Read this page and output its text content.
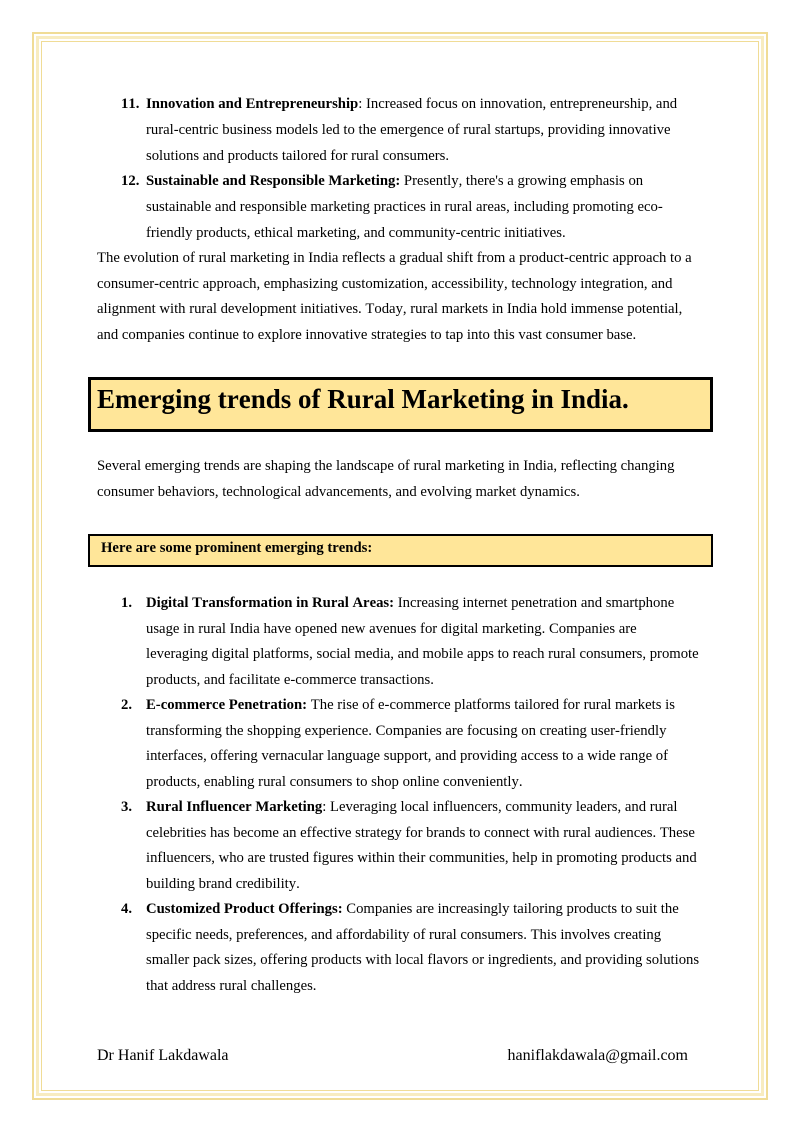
11. Innovation and Entrepreneurship: Increased focus on innovation, entrepreneurship, and
rural-centric business models led to the emergence of rural startups, providing innovative
solutions and products tailored for rural consumers.
12. Sustainable and Responsible Marketing: Presently, there's a growing emphasis on
sustainable and responsible marketing practices in rural areas, including promoting eco-
friendly products, ethical marketing, and community-centric initiatives.
The evolution of rural marketing in India reflects a gradual shift from a product-centric approach to a
consumer-centric approach, emphasizing customization, accessibility, technology integration, and
alignment with rural development initiatives. Today, rural markets in India hold immense potential,
and companies continue to explore innovative strategies to tap into this vast consumer base.
Emerging trends of Rural Marketing in India.
Several emerging trends are shaping the landscape of rural marketing in India, reflecting changing
consumer behaviors, technological advancements, and evolving market dynamics.
Here are some prominent emerging trends:
1. Digital Transformation in Rural Areas: Increasing internet penetration and smartphone
usage in rural India have opened new avenues for digital marketing. Companies are
leveraging digital platforms, social media, and mobile apps to reach rural consumers, promote
products, and facilitate e-commerce transactions.
2. E-commerce Penetration: The rise of e-commerce platforms tailored for rural markets is
transforming the shopping experience. Companies are focusing on creating user-friendly
interfaces, offering vernacular language support, and providing access to a wide range of
products, enabling rural consumers to shop online conveniently.
3. Rural Influencer Marketing: Leveraging local influencers, community leaders, and rural
celebrities has become an effective strategy for brands to connect with rural audiences. These
influencers, who are trusted figures within their communities, help in promoting products and
building brand credibility.
4. Customized Product Offerings: Companies are increasingly tailoring products to suit the
specific needs, preferences, and affordability of rural consumers. This involves creating
smaller pack sizes, offering products with local flavors or ingredients, and providing solutions
that address rural challenges.
Dr Hanif Lakdawala	haniflakdawala@gmail.com
